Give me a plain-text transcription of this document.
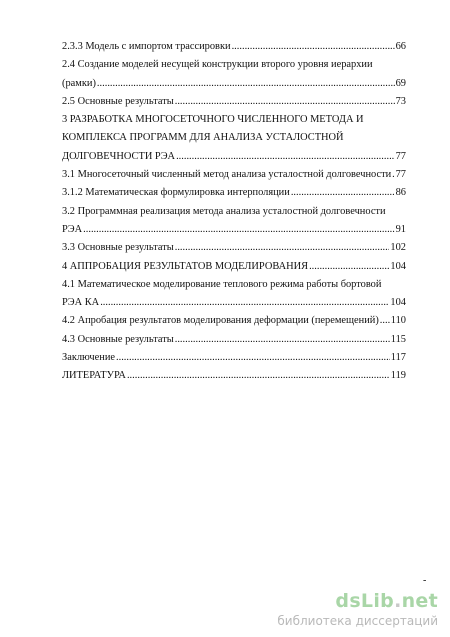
2.3.3 Модель с импортом трассировки .....	66
2.4 Создание моделей несущей конструкции второго уровня иерархии
(рамки) .....	69
2.5 Основные результаты .....	73
3 РАЗРАБОТКА МНОГОСЕТОЧНОГО ЧИСЛЕННОГО МЕТОДА И
КОМПЛЕКСА ПРОГРАММ ДЛЯ АНАЛИЗА УСТАЛОСТНОЙ
ДОЛГОВЕЧНОСТИ РЭА .....	77
3.1 Многосеточный численный метод анализа усталостной долговечности ..... 77
3.1.2 Математическая формулировка интерполяции .....	86
3.2 Программная реализация метода анализа усталостной долговечности
РЭА .....	91
3.3 Основные результаты .....	102
4 АППРОБАЦИЯ РЕЗУЛЬТАТОВ МОДЕЛИРОВАНИЯ .....	104
4.1 Математическое моделирование теплового режима работы бортовой
РЭА КА .....	104
4.2 Апробация результатов моделирования деформации (перемещений) ..... 110
4.3 Основные результаты .....	115
Заключение .....	117
ЛИТЕРАТУРА .....	119
-
dsLib.net
библиотека диссертаций
